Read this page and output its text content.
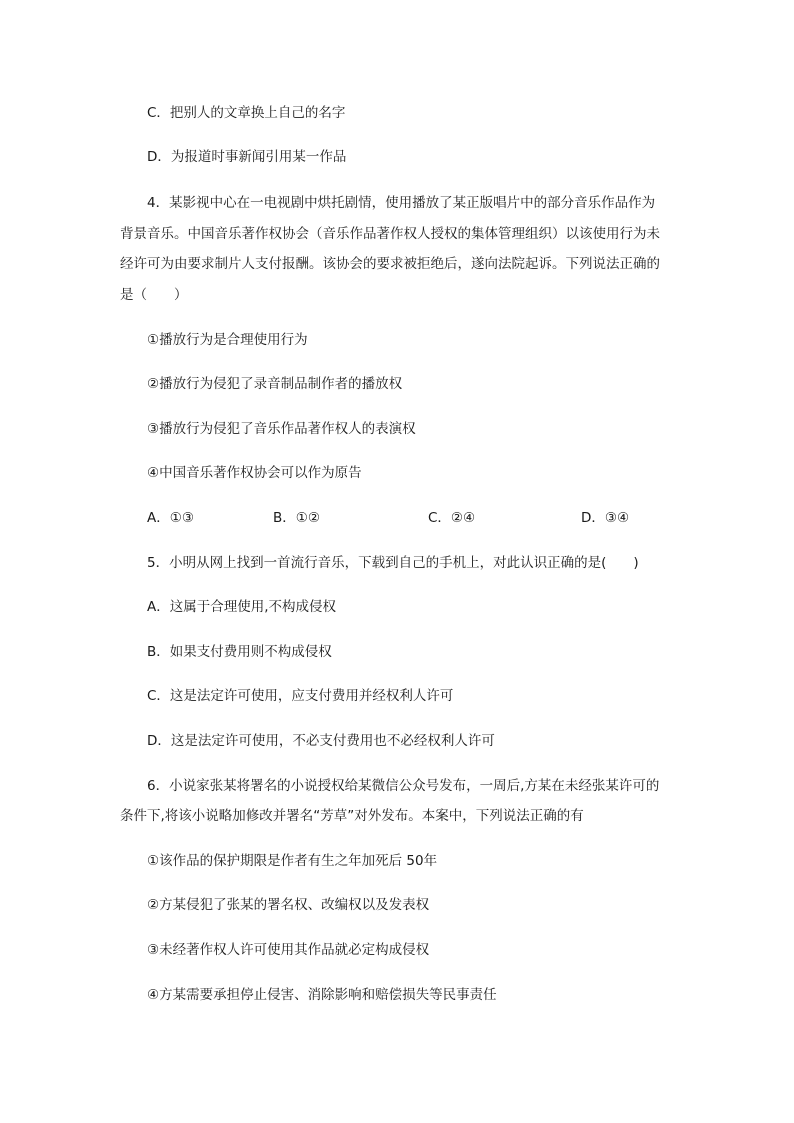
C．把别人的文章换上自己的名字
D．为报道时事新闻引用某一作品
4．某影视中心在一电视剧中烘托剧情，使用播放了某正版唱片中的部分音乐作品作为
背景音乐。中国音乐著作权协会（音乐作品著作权人授权的集体管理组织）以该使用行为未
经许可为由要求制片人支付报酬。该协会的要求被拒绝后，遂向法院起诉。下列说法正确的
是（　　）
①播放行为是合理使用行为
②播放行为侵犯了录音制品制作者的播放权
③播放行为侵犯了音乐作品著作权人的表演权
④中国音乐著作权协会可以作为原告
A．①③	B．①②	C．②④	D．③④
5．小明从网上找到一首流行音乐，下载到自己的手机上，对此认识正确的是(　　)
A．这属于合理使用,不构成侵权
B．如果支付费用则不构成侵权
C．这是法定许可使用，应支付费用并经权利人许可
D．这是法定许可使用，不必支付费用也不必经权利人许可
6．小说家张某将署名的小说授权给某微信公众号发布，一周后,方某在未经张某许可的
条件下,将该小说略加修改并署名“芳草”对外发布。本案中，下列说法正确的有
①该作品的保护期限是作者有生之年加死后 50年
②方某侵犯了张某的署名权、改编权以及发表权
③未经著作权人许可使用其作品就必定构成侵权
④方某需要承担停止侵害、消除影响和赔偿损失等民事责任
